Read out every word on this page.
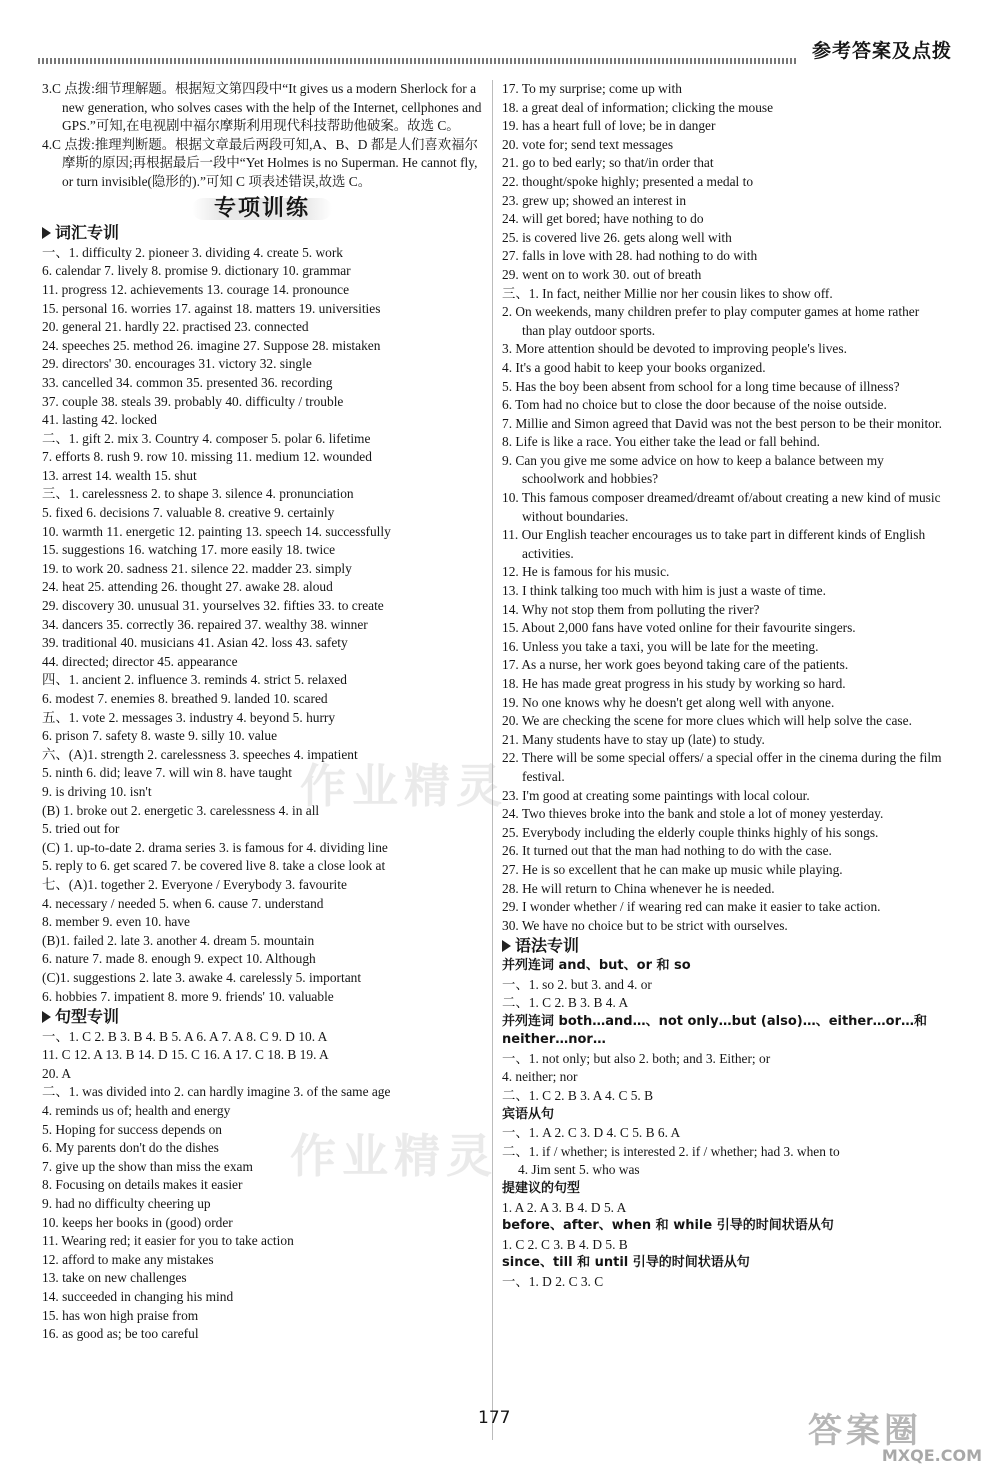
参考答案及点拨
3.C 点拨:细节理解题。根据短文第四段中“It gives us a modern Sherlock for a new generation, who solves cases with the help of the Internet, cellphones and GPS.”可知,在电视剧中福尔摩斯利用现代科技帮助他破案。故选 C。
4.C 点拨:推理判断题。根据文章最后两段可知,A、B、D 都是人们喜欢福尔摩斯的原因;再根据最后一段中“Yet Holmes is no Superman. He cannot fly, or turn invisible(隐形的).”可知 C 项表述错误,故选 C。
专项训练
词汇专训
一、1. difficulty 2. pioneer 3. dividing 4. create 5. work
6. calendar 7. lively 8. promise 9. dictionary 10. grammar
11. progress 12. achievements 13. courage 14. pronounce
15. personal 16. worries 17. against 18. matters 19. universities
20. general 21. hardly 22. practised 23. connected
24. speeches 25. method 26. imagine 27. Suppose 28. mistaken
29. directors' 30. encourages 31. victory 32. single
33. cancelled 34. common 35. presented 36. recording
37. couple 38. steals 39. probably 40. difficulty / trouble
41. lasting 42. locked
二、1. gift 2. mix 3. Country 4. composer 5. polar 6. lifetime
7. efforts 8. rush 9. row 10. missing 11. medium 12. wounded
13. arrest 14. wealth 15. shut
三、1. carelessness 2. to shape 3. silence 4. pronunciation
5. fixed 6. decisions 7. valuable 8. creative 9. certainly
10. warmth 11. energetic 12. painting 13. speech 14. successfully
15. suggestions 16. watching 17. more easily 18. twice
19. to work 20. sadness 21. silence 22. madder 23. simply
24. heat 25. attending 26. thought 27. awake 28. aloud
29. discovery 30. unusual 31. yourselves 32. fifties 33. to create
34. dancers 35. correctly 36. repaired 37. wealthy 38. winner
39. traditional 40. musicians 41. Asian 42. loss 43. safety
44. directed; director 45. appearance
四、1. ancient 2. influence 3. reminds 4. strict 5. relaxed
6. modest 7. enemies 8. breathed 9. landed 10. scared
五、1. vote 2. messages 3. industry 4. beyond 5. hurry
6. prison 7. safety 8. waste 9. silly 10. value
六、(A)1. strength 2. carelessness 3. speeches 4. impatient
5. ninth 6. did; leave 7. will win 8. have taught
9. is driving 10. isn't
(B) 1. broke out 2. energetic 3. carelessness 4. in all
5. tried out for
(C) 1. up-to-date 2. drama series 3. is famous for 4. dividing line
5. reply to 6. get scared 7. be covered live 8. take a close look at
七、(A)1. together 2. Everyone / Everybody 3. favourite
4. necessary / needed 5. when 6. cause 7. understand
8. member 9. even 10. have
(B)1. failed 2. late 3. another 4. dream 5. mountain
6. nature 7. made 8. enough 9. expect 10. Although
(C)1. suggestions 2. late 3. awake 4. carelessly 5. important
6. hobbies 7. impatient 8. more 9. friends' 10. valuable
句型专训
一、1. C 2. B 3. B 4. B 5. A 6. A 7. A 8. C 9. D 10. A
11. C 12. A 13. B 14. D 15. C 16. A 17. C 18. B 19. A
20. A
二、1. was divided into 2. can hardly imagine 3. of the same age
4. reminds us of; health and energy
5. Hoping for success depends on
6. My parents don't do the dishes
7. give up the show than miss the exam
8. Focusing on details makes it easier
9. had no difficulty cheering up
10. keeps her books in (good) order
11. Wearing red; it easier for you to take action
12. afford to make any mistakes
13. take on new challenges
14. succeeded in changing his mind
15. has won high praise from
16. as good as; be too careful
17. To my surprise; come up with
18. a great deal of information; clicking the mouse
19. has a heart full of love; be in danger
20. vote for; send text messages
21. go to bed early; so that/in order that
22. thought/spoke highly; presented a medal to
23. grew up; showed an interest in
24. will get bored; have nothing to do
25. is covered live 26. gets along well with
27. falls in love with 28. had nothing to do with
29. went on to work 30. out of breath
三、1. In fact, neither Millie nor her cousin likes to show off.
2. On weekends, many children prefer to play computer games at home rather than play outdoor sports.
3. More attention should be devoted to improving people's lives.
4. It's a good habit to keep your books organized.
5. Has the boy been absent from school for a long time because of illness?
6. Tom had no choice but to close the door because of the noise outside.
7. Millie and Simon agreed that David was not the best person to be their monitor.
8. Life is like a race. You either take the lead or fall behind.
9. Can you give me some advice on how to keep a balance between my schoolwork and hobbies?
10. This famous composer dreamed/dreamt of/about creating a new kind of music without boundaries.
11. Our English teacher encourages us to take part in different kinds of English activities.
12. He is famous for his music.
13. I think talking too much with him is just a waste of time.
14. Why not stop them from polluting the river?
15. About 2,000 fans have voted online for their favourite singers.
16. Unless you take a taxi, you will be late for the meeting.
17. As a nurse, her work goes beyond taking care of the patients.
18. He has made great progress in his study by working so hard.
19. No one knows why he doesn't get along well with anyone.
20. We are checking the scene for more clues which will help solve the case.
21. Many students have to stay up (late) to study.
22. There will be some special offers/ a special offer in the cinema during the film festival.
23. I'm good at creating some paintings with local colour.
24. Two thieves broke into the bank and stole a lot of money yesterday.
25. Everybody including the elderly couple thinks highly of his songs.
26. It turned out that the man had nothing to do with the case.
27. He is so excellent that he can make up music while playing.
28. He will return to China whenever he is needed.
29. I wonder whether / if wearing red can make it easier to take action.
30. We have no choice but to be strict with ourselves.
语法专训
并列连词 and、but、or 和 so
一、1. so 2. but 3. and 4. or
二、1. C 2. B 3. B 4. A
并列连词 both…and…、not only…but (also)…、either…or…和 neither…nor…
一、1. not only; but also 2. both; and 3. Either; or
4. neither; nor
二、1. C 2. B 3. A 4. C 5. B
宾语从句
一、1. A 2. C 3. D 4. C 5. B 6. A
二、1. if / whether; is interested 2. if / whether; had 3. when to
4. Jim sent 5. who was
提建议的句型
1. A 2. A 3. B 4. D 5. A
before、after、when 和 while 引导的时间状语从句
1. C 2. C 3. B 4. D 5. B
since、till 和 until 引导的时间状语从句
一、1. D 2. C 3. C
177
作业精灵
作业精灵
答案圈
MXQE.COM
